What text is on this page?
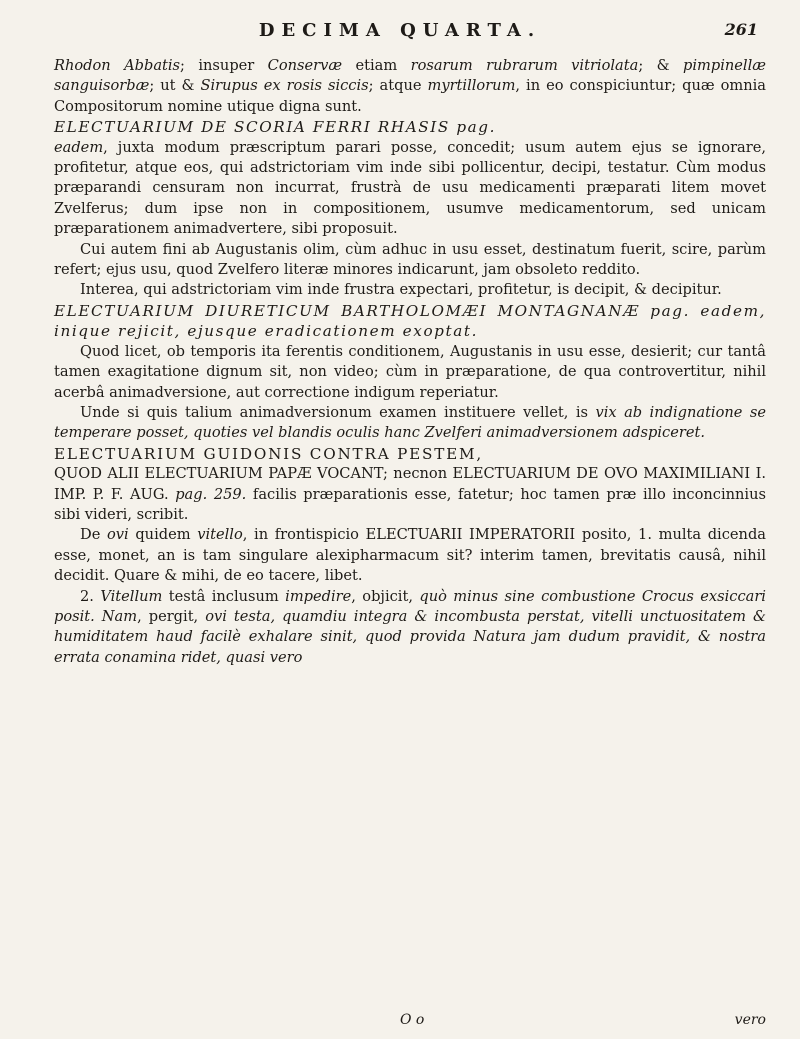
DECIMA QUARTA.	261

Rhodon Abbatis; insuper Conservæ etiam rosarum rubrarum vitriolata; & pimpinellæ sanguisorbæ; ut & Sirupus ex rosis siccis; atque myrtillorum, in eo conspiciuntur; quæ omnia Compositorum nomine utique digna sunt.

ELECTUARIUM DE SCORIA FERRI RHASIS pag.

eadem, juxta modum præscriptum parari posse, concedit; usum autem ejus se ignorare, profitetur, atque eos, qui adstrictoriam vim inde sibi pollicentur, decipi, testatur. Cùm modus præparandi censuram non incurrat, frustrà de usu medicamenti præparati litem movet Zvelferus; dum ipse non in compositionem, usumve medicamentorum, sed unicam præparationem animadvertere, sibi proposuit.

Cui autem fini ab Augustanis olim, cùm adhuc in usu esset, destinatum fuerit, scire, parùm refert; ejus usu, quod Zvelfero literæ minores indicarunt, jam obsoleto reddito.

Interea, qui adstrictoriam vim inde frustra expectari, profitetur, is decipit, & decipitur.

ELECTUARIUM DIURETICUM BARTHOLOMÆI MONTAGNANÆ pag. eadem, inique rejicit, ejusque eradicationem exoptat.

Quod licet, ob temporis ita ferentis conditionem, Augustanis in usu esse, desierit; cur tantâ tamen exagitatione dignum sit, non video; cùm in præparatione, de qua controvertitur, nihil acerbâ animadversione, aut correctione indigum reperiatur.

Unde si quis talium animadversionum examen instituere vellet, is vix ab indignatione se temperare posset, quoties vel blandis oculis hanc Zvelferi animadversionem adspiceret.

ELECTUARIUM GUIDONIS CONTRA PESTEM,

QUOD ALII ELECTUARIUM PAPÆ VOCANT; necnon ELECTUARIUM DE OVO MAXIMILIANI I. IMP. P. F. AUG. pag. 259. facilis præparationis esse, fatetur; hoc tamen præ illo inconcinnius sibi videri, scribit.

De ovi quidem vitello, in frontispicio ELECTUARII IMPERATORII posito, 1. multa dicenda esse, monet, an is tam singulare alexipharmacum sit? interim tamen, brevitatis causâ, nihil decidit. Quare & mihi, de eo tacere, libet.

2. Vitellum testâ inclusum impedire, objicit, quò minus sine combustione Crocus exsiccari posit. Nam, pergit, ovi testa, quamdiu integra & incombusta perstat, vitelli unctuositatem & humiditatem haud facilè exhalare sinit, quod provida Natura jam dudum pravidit, & nostra errata conamina ridet, quasi vero

O o	vero
